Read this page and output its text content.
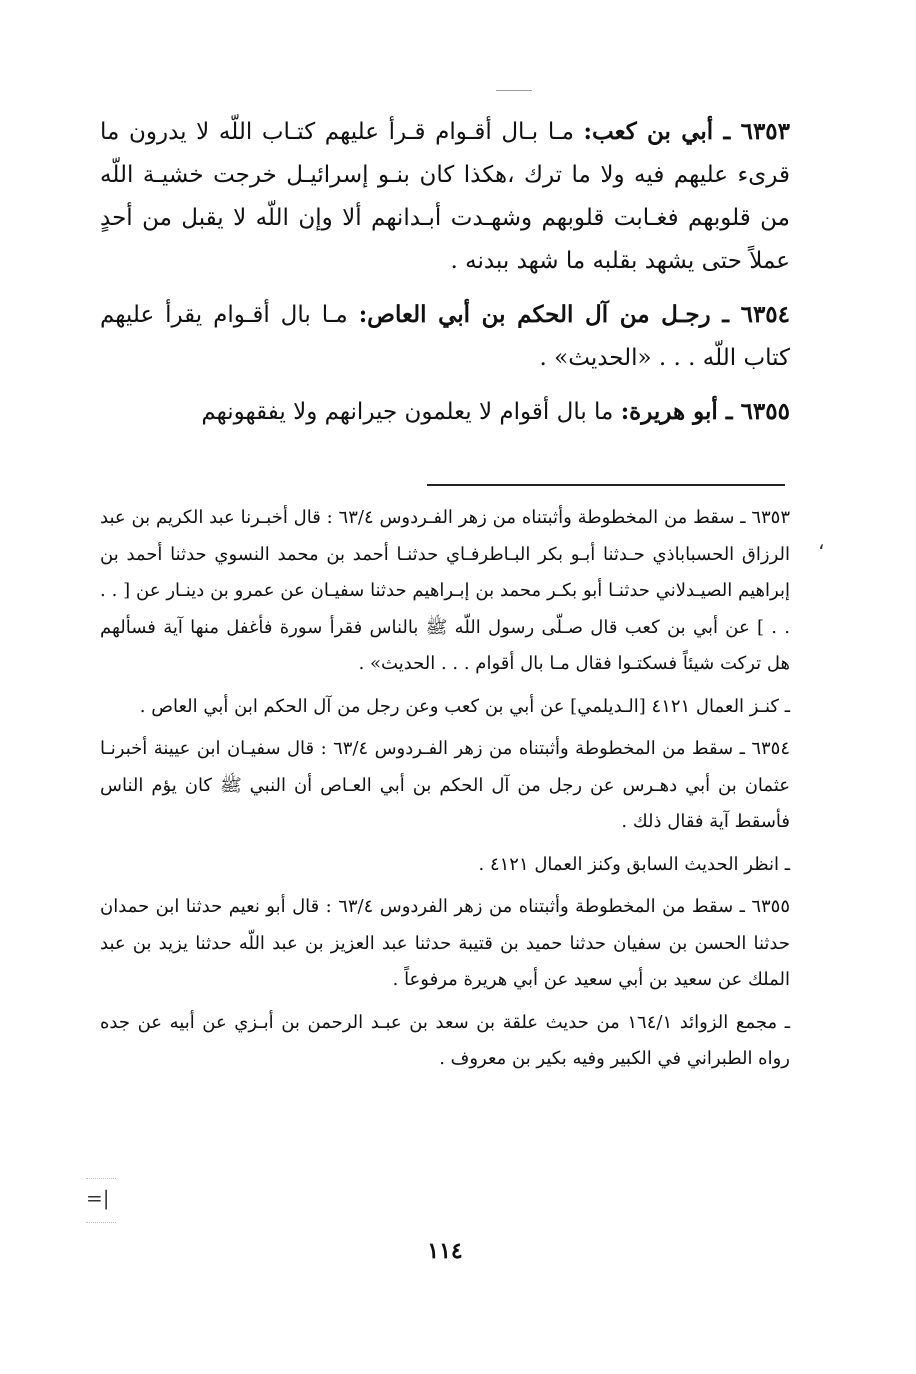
٦٣٥٣ ـ أبي بن كعب: مـا بـال أقـوام قـرأ عليهم كتـاب اللّه لا يدرون ما قرىء عليهم فيه ولا ما ترك ،هكذا كان بنـو إسرائيـل خرجت خشيـة اللّه من قلوبهم فغـابت قلوبهم وشهـدت أبـدانهم ألا وإن اللّه لا يقبل من أحدٍ عملاً حتى يشهد بقلبه ما شهد ببدنه .

٦٣٥٤ ـ رجـل من آل الحكم بن أبي العاص: مـا بال أقـوام يقرأ عليهم كتاب اللّه . . . «الحديث» .

٦٣٥٥ ـ أبو هريرة: ما بال أقوام لا يعلمون جيرانهم ولا يفقهونهم

٦٣٥٣ ـ سقط من المخطوطة وأثبتناه من زهر الفـردوس ٦٣/٤ : قال أخبـرنا عبد الكريم بن عبد الرزاق الحسباباذي حـدثنا أبـو بكر البـاطرفـاي حدثنـا أحمد بن محمد النسوي حدثنا أحمد بن إبراهيم الصيـدلاني حدثنـا أبو بكـر محمد بن إبـراهيم حدثنا سفيـان عن عمرو بن دينـار عن [ . . . . ] عن أبي بن كعب قال صـلّى رسول اللّه ﷺ بالناس فقرأ سورة فأغفل منها آية فسألهم هل تركت شيئاً فسكتـوا فقال مـا بال أقوام . . . الحديث» .

ـ كنـز العمال ٤١٢١ [الـديلمي] عن أبي بن كعب وعن رجل من آل الحكم ابن أبي العاص .

٦٣٥٤ ـ سقط من المخطوطة وأثبتناه من زهر الفـردوس ٦٣/٤ : قال سفيـان ابن عيينة أخبرنـا عثمان بن أبي دهـرس عن رجل من آل الحكم بن أبي العـاص أن النبي ﷺ كان يؤم الناس فأسقط آية فقال ذلك .

ـ انظر الحديث السابق وكنز العمال ٤١٢١ .

٦٣٥٥ ـ سقط من المخطوطة وأثبتناه من زهر الفردوس ٦٣/٤ : قال أبو نعيم حدثنا ابن حمدان حدثنا الحسن بن سفيان حدثنا حميد بن قتيبة حدثنا عبد العزيز بن عبد اللّه حدثنا يزيد بن عبد الملك عن سعيد بن أبي سعيد عن أبي هريرة مرفوعاً .

ـ مجمع الزوائد ١٦٤/١ من حديث علقة بن سعد بن عبـد الرحمن بن أبـزي عن أبيه عن جده رواه الطبراني في الكبير وفيه بكير بن معروف .

،
=|
١١٤
